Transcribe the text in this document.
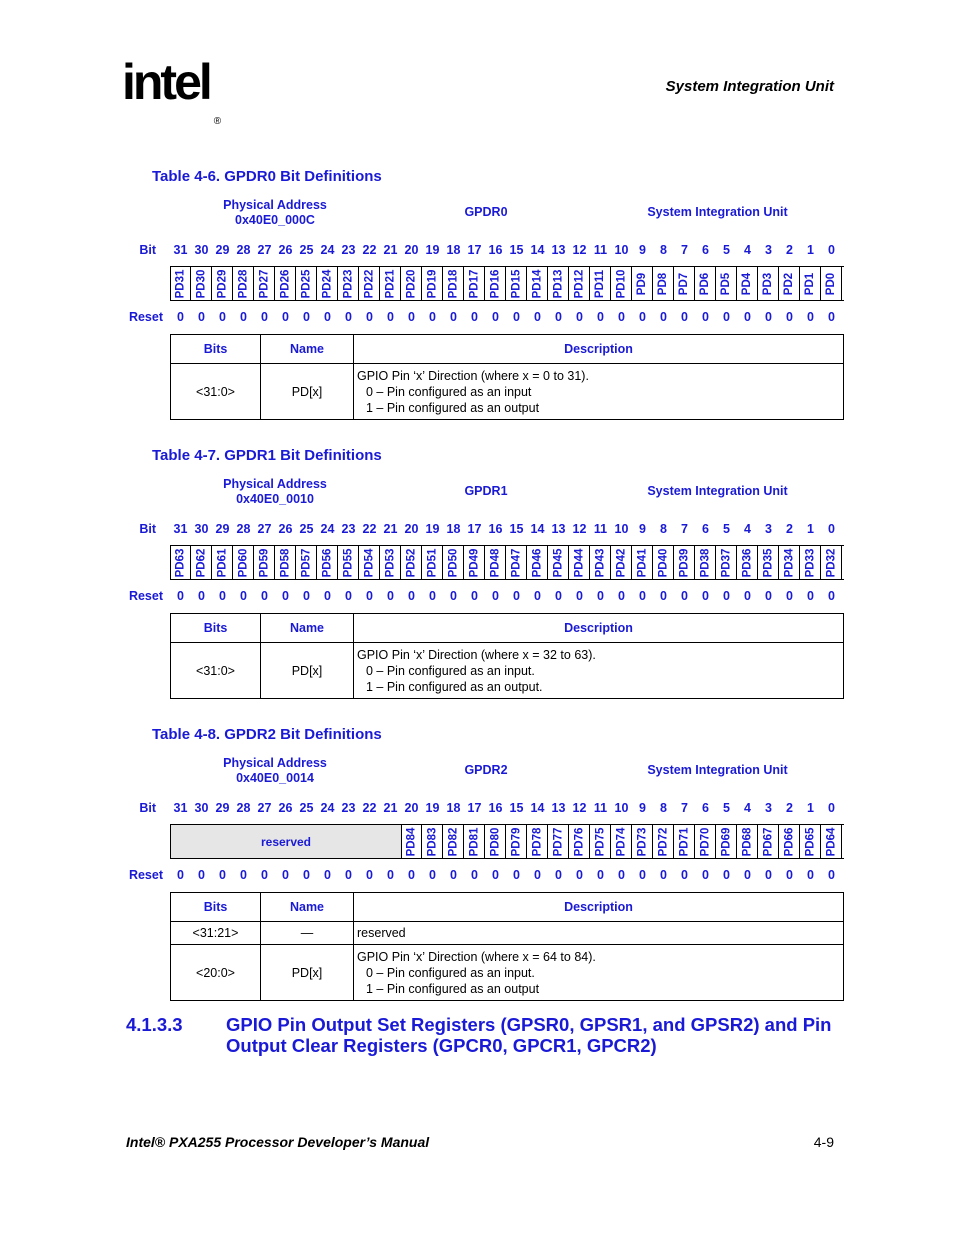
intel®
System Integration Unit
Table 4-6. GPDR0 Bit Definitions
Physical Address
0x40E0_000C
GPDR0	System Integration Unit
Bit 31 30 29 28 27 26 25 24 23 22 21 20 19 18 17 16 15 14 13 12 11 10 9	8	7	6	5	4	3	2	1	0
PD31 PD30 PD29 PD28 PD27 PD26 PD25 PD24 PD23 PD22 PD21 PD20 PD19 PD18 PD17 PD16 PD15 PD14 PD13 PD12 PD11 PD10 PD9 PD8 PD7 PD6 PD5 PD4 PD3 PD2 PD1 PD0
Reset	0	0	0	0	0	0	0	0	0	0	0	0	0	0	0	0	0	0	0	0	0	0	0	0	0	0	0	0	0	0	0	0
Bits	Name	Description
<31:0>	PD[x]	GPIO Pin ‘x’ Direction (where x = 0 to 31).
0 – Pin configured as an input
1 – Pin configured as an output
Table 4-7. GPDR1 Bit Definitions
Physical Address
0x40E0_0010
GPDR1	System Integration Unit
Bit 31 30 29 28 27 26 25 24 23 22 21 20 19 18 17 16 15 14 13 12 11 10 9	8	7	6	5	4	3	2	1	0
PD63 PD62 PD61 PD60 PD59 PD58 PD57 PD56 PD55 PD54 PD53 PD52 PD51 PD50 PD49 PD48 PD47 PD46 PD45 PD44 PD43 PD42 PD41 PD40 PD39 PD38 PD37 PD36 PD35 PD34 PD33 PD32
Reset	0	0	0	0	0	0	0	0	0	0	0	0	0	0	0	0	0	0	0	0	0	0	0	0	0	0	0	0	0	0	0	0
Bits	Name	Description
<31:0>	PD[x]	GPIO Pin ‘x’ Direction (where x = 32 to 63).
0 – Pin configured as an input.
1 – Pin configured as an output.
Table 4-8. GPDR2 Bit Definitions
Physical Address
0x40E0_0014
GPDR2	System Integration Unit
Bit 31 30 29 28 27 26 25 24 23 22 21 20 19 18 17 16 15 14 13 12 11 10 9	8	7	6	5	4	3	2	1	0
reserved	PD84 PD83 PD82 PD81 PD80 PD79 PD78 PD77 PD76 PD75 PD74 PD73 PD72 PD71 PD70 PD69 PD68 PD67 PD66 PD65 PD64
Reset	0	0	0	0	0	0	0	0	0	0	0	0	0	0	0	0	0	0	0	0	0	0	0	0	0	0	0	0	0	0	0	0
Bits	Name	Description
<31:21>	—	reserved

<20:0>	PD[x]	GPIO Pin ‘x’ Direction (where x = 64 to 84).
0 – Pin configured as an input.
1 – Pin configured as an output
4.1.3.3 GPIO Pin Output Set Registers (GPSR0, GPSR1, and GPSR2) and Pin Output Clear Registers (GPCR0, GPCR1, GPCR2)
Intel® PXA255 Processor Developer’s Manual	4-9
